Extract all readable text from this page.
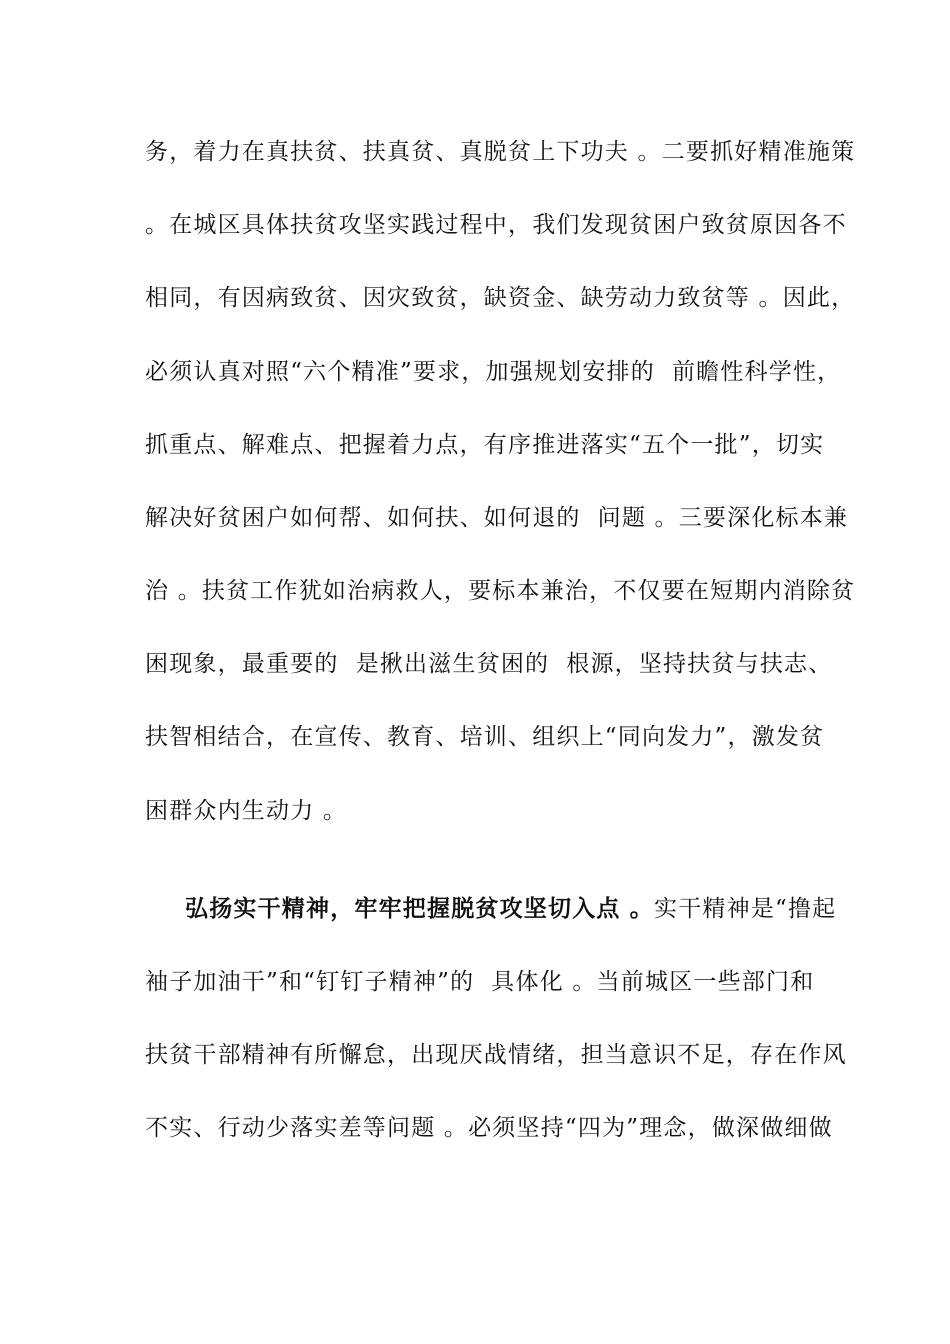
务，着力在真扶贫、扶真贫、真脱贫上下功夫 。二要抓好精准施策
。在城区具体扶贫攻坚实践过程中，我们发现贫困户致贫原因各不
相同，有因病致贫、因灾致贫，缺资金、缺劳动力致贫等 。因此，
必须认真对照“六个精准”要求，加强规划安排的  前瞻性科学性，
抓重点、解难点、把握着力点，有序推进落实“五个一批”，切实
解决好贫困户如何帮、如何扶、如何退的  问题 。三要深化标本兼
治 。扶贫工作犹如治病救人，要标本兼治，不仅要在短期内消除贫
困现象，最重要的  是揪出滋生贫困的  根源，坚持扶贫与扶志、
扶智相结合，在宣传、教育、培训、组织上“同向发力”，激发贫
困群众内生动力 。
弘扬实干精神，牢牢把握脱贫攻坚切入点 。实干精神是“撸起
袖子加油干”和“钉钉子精神”的  具体化 。当前城区一些部门和
扶贫干部精神有所懈怠，出现厌战情绪，担当意识不足，存在作风
不实、行动少落实差等问题 。必须坚持“四为”理念，做深做细做
